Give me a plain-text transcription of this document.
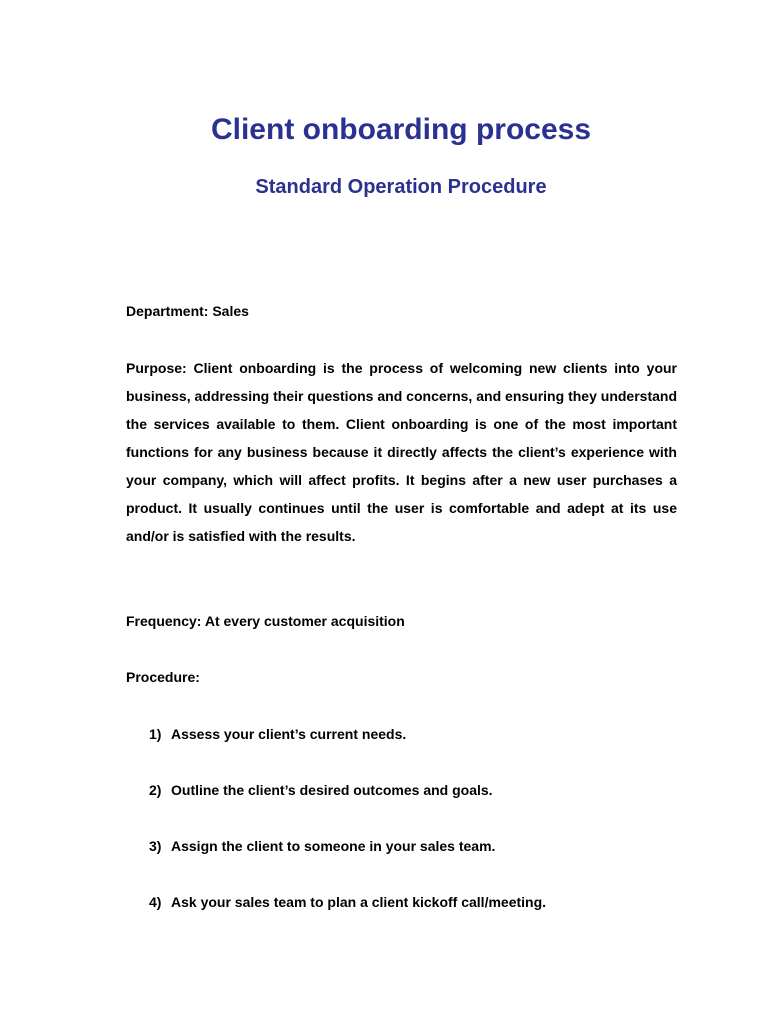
Client onboarding process
Standard Operation Procedure

Department: Sales

Purpose: Client onboarding is the process of welcoming new clients into your business, addressing their questions and concerns, and ensuring they understand the services available to them. Client onboarding is one of the most important functions for any business because it directly affects the client’s experience with your company, which will affect profits. It begins after a new user purchases a product. It usually continues until the user is comfortable and adept at its use and/or is satisfied with the results.

Frequency: At every customer acquisition

Procedure:

1) Assess your client’s current needs.
2) Outline the client’s desired outcomes and goals.
3) Assign the client to someone in your sales team.
4) Ask your sales team to plan a client kickoff call/meeting.
